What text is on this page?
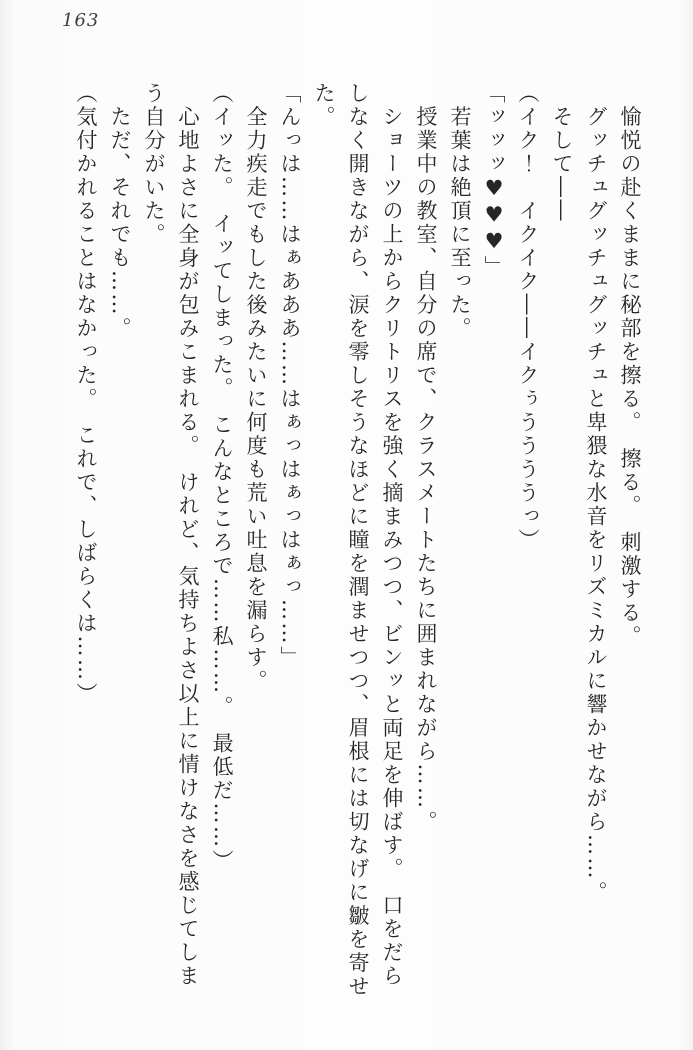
163

　愉悦の赴くままに秘部を擦る。　擦る。　刺激する。

　グッチュグッチュグッチュと卑猥な水音をリズミカルに響かせながら……。

　そして――

（イク！　イクイク――イクぅううううっ）

「ッッッ♥♥♥」

　若葉は絶頂に至った。

　授業中の教室、自分の席で、クラスメートたちに囲まれながら……。

　ショーツの上からクリトリスを強く摘まみつつ、ビンッと両足を伸ばす。　口をだらしなく開きながら、涙を零しそうなほどに瞳を潤ませつつ、眉根には切なげに皺を寄せた。

「んっは……はぁあああ……はぁっはぁっはぁっ……」

　全力疾走でもした後みたいに何度も荒い吐息を漏らす。

（イッた。　イッてしまった。　こんなところで……私……。　最低だ……）

　心地よさに全身が包みこまれる。　けれど、気持ちよさ以上に情けなさを感じてしまう自分がいた。

　ただ、それでも……。

（気付かれることはなかった。　これで、しばらくは……）
